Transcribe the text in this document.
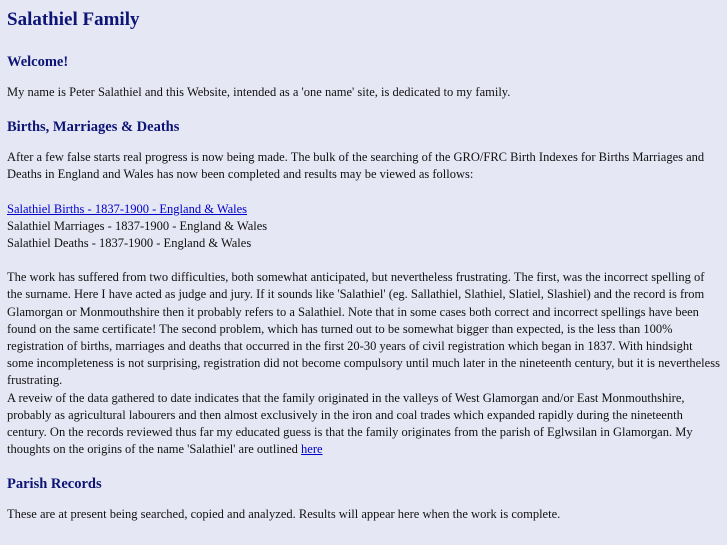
Salathiel Family
Welcome!

My name is Peter Salathiel and this Website, intended as a 'one name' site, is dedicated to my family.

Births, Marriages & Deaths

After a few false starts real progress is now being made. The bulk of the searching of the GRO/FRC Birth Indexes for Births Marriages and Deaths in England and Wales has now been completed and results may be viewed as follows:

Salathiel Births - 1837-1900 - England & Wales
Salathiel Marriages - 1837-1900 - England & Wales
Salathiel Deaths - 1837-1900 - England & Wales

The work has suffered from two difficulties, both somewhat anticipated, but nevertheless frustrating. The first, was the incorrect spelling of the surname. Here I have acted as judge and jury. If it sounds like 'Salathiel' (eg. Sallathiel, Slathiel, Slatiel, Slashiel) and the record is from Glamorgan or Monmouthshire then it probably refers to a Salathiel. Note that in some cases both correct and incorrect spellings have been found on the same certificate! The second problem, which has turned out to be somewhat bigger than expected, is the less than 100% registration of births, marriages and deaths that occurred in the first 20-30 years of civil registration which began in 1837. With hindsight some incompleteness is not surprising, registration did not become compulsory until much later in the nineteenth century, but it is nevertheless frustrating.

A reveiw of the data gathered to date indicates that the family originated in the valleys of West Glamorgan and/or East Monmouthshire, probably as agricultural labourers and then almost exclusively in the iron and coal trades which expanded rapidly during the nineteenth century. On the records reviewed thus far my educated guess is that the family originates from the parish of Eglwsilan in Glamorgan. My thoughts on the origins of the name 'Salathiel' are outlined here

Parish Records

These are at present being searched, copied and analyzed. Results will appear here when the work is complete.
